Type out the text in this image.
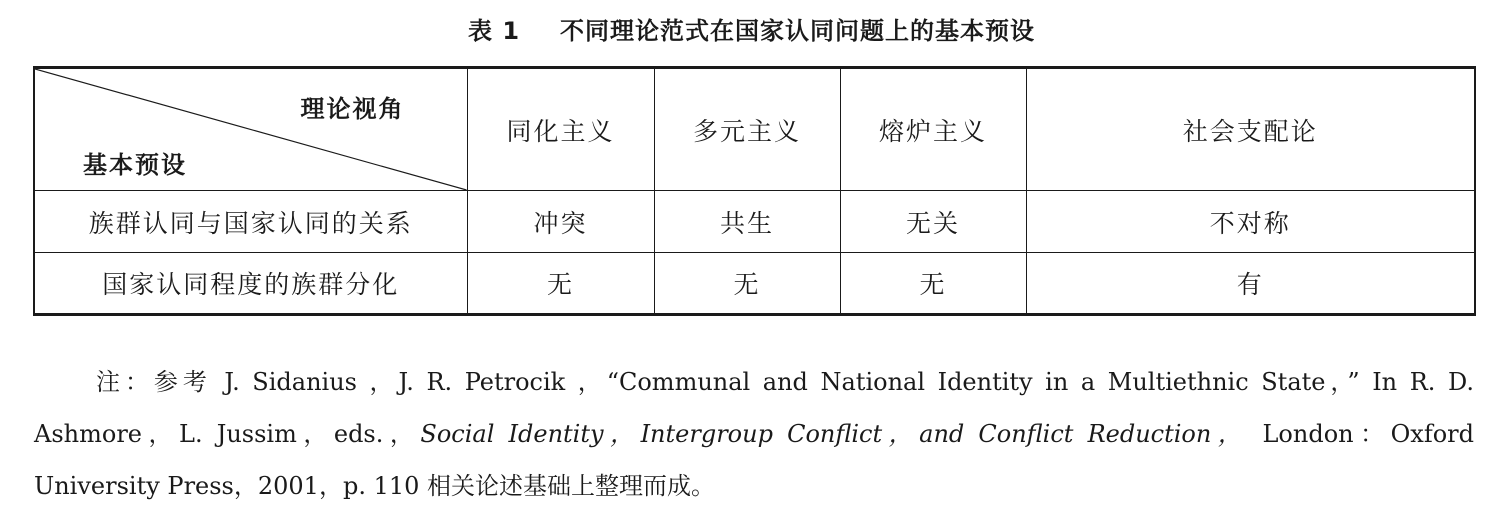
表 1 不同理论范式在国家认同问题上的基本预设
理论视角
基本预设	同化主义	多元主义	熔炉主义	社会支配论
族群认同与国家认同的关系	冲突	共生	无关	不对称
国家认同程度的族群分化	无	无	无	有

注：参考 J. Sidanius ，J. R. Petrocik ，“Communal and National Identity in a Multiethnic State，” In R. D. Ashmore，L. Jussim，eds.，Social Identity，Intergroup Conflict，and Conflict Reduction， London：Oxford University Press，2001，p. 110 相关论述基础上整理而成。
